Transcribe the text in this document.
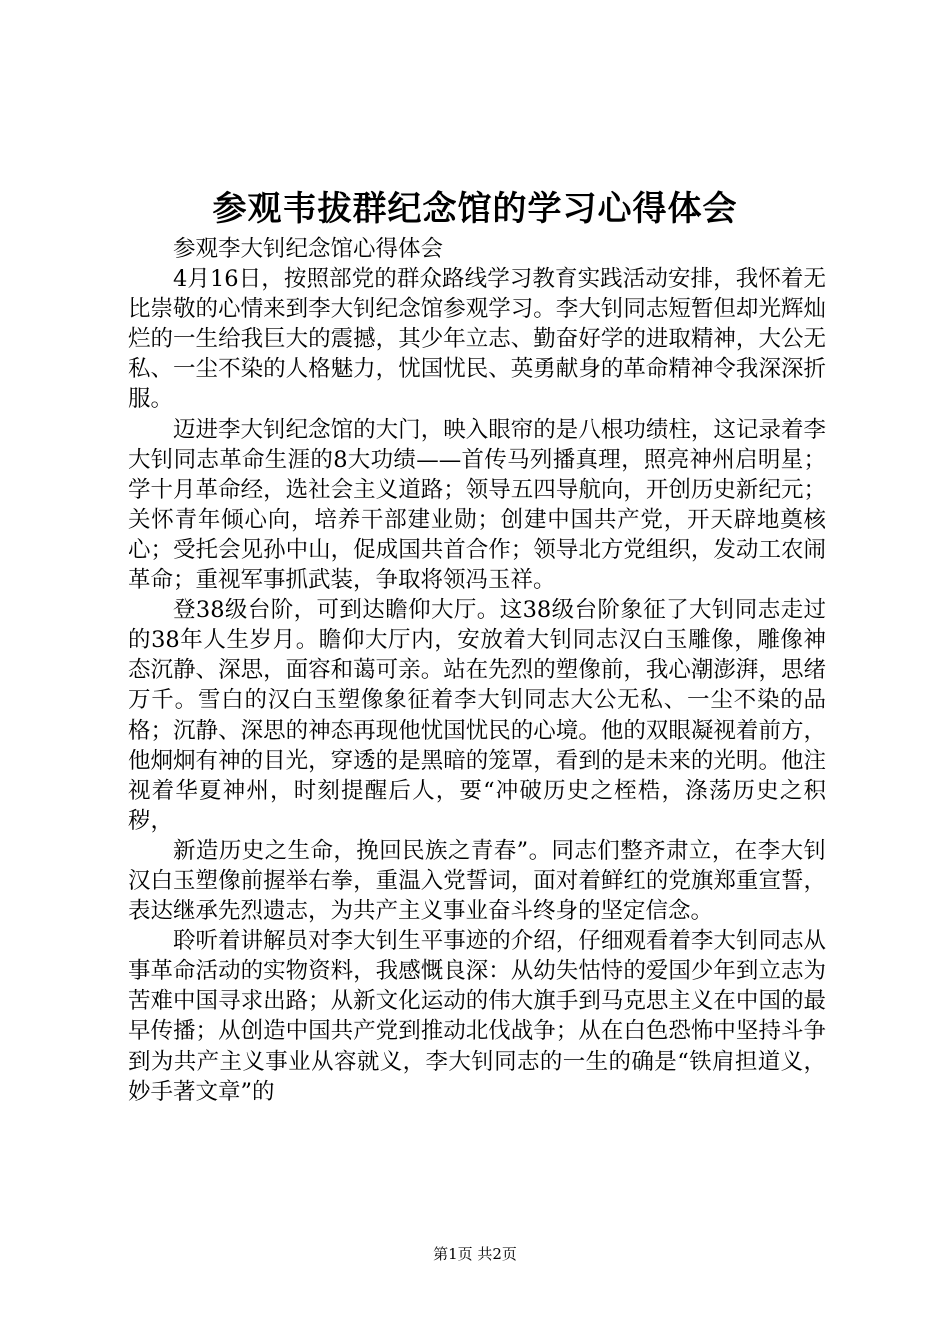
参观韦拔群纪念馆的学习心得体会

参观李大钊纪念馆心得体会

4月16日，按照部党的群众路线学习教育实践活动安排，我怀着无比崇敬的心情来到李大钊纪念馆参观学习。李大钊同志短暂但却光辉灿烂的一生给我巨大的震撼，其少年立志、勤奋好学的进取精神，大公无私、一尘不染的人格魅力，忧国忧民、英勇献身的革命精神令我深深折服。

迈进李大钊纪念馆的大门，映入眼帘的是八根功绩柱，这记录着李大钊同志革命生涯的8大功绩——首传马列播真理，照亮神州启明星；学十月革命经，选社会主义道路；领导五四导航向，开创历史新纪元；关怀青年倾心向，培养干部建业勋；创建中国共产党，开天辟地奠核心；受托会见孙中山，促成国共首合作；领导北方党组织，发动工农闹革命；重视军事抓武装，争取将领冯玉祥。

登38级台阶，可到达瞻仰大厅。这38级台阶象征了大钊同志走过的38年人生岁月。瞻仰大厅内，安放着大钊同志汉白玉雕像，雕像神态沉静、深思，面容和蔼可亲。站在先烈的塑像前，我心潮澎湃，思绪万千。雪白的汉白玉塑像象征着李大钊同志大公无私、一尘不染的品格；沉静、深思的神态再现他忧国忧民的心境。他的双眼凝视着前方，他炯炯有神的目光，穿透的是黑暗的笼罩，看到的是未来的光明。他注视着华夏神州，时刻提醒后人，要“冲破历史之桎梏，涤荡历史之积秽，

新造历史之生命，挽回民族之青春”。同志们整齐肃立，在李大钊汉白玉塑像前握举右拳，重温入党誓词，面对着鲜红的党旗郑重宣誓，表达继承先烈遗志，为共产主义事业奋斗终身的坚定信念。

聆听着讲解员对李大钊生平事迹的介绍，仔细观看着李大钊同志从事革命活动的实物资料，我感慨良深：从幼失怙恃的爱国少年到立志为苦难中国寻求出路；从新文化运动的伟大旗手到马克思主义在中国的最早传播；从创造中国共产党到推动北伐战争；从在白色恐怖中坚持斗争到为共产主义事业从容就义，李大钊同志的一生的确是“铁肩担道义，妙手著文章”的

第1页 共2页
